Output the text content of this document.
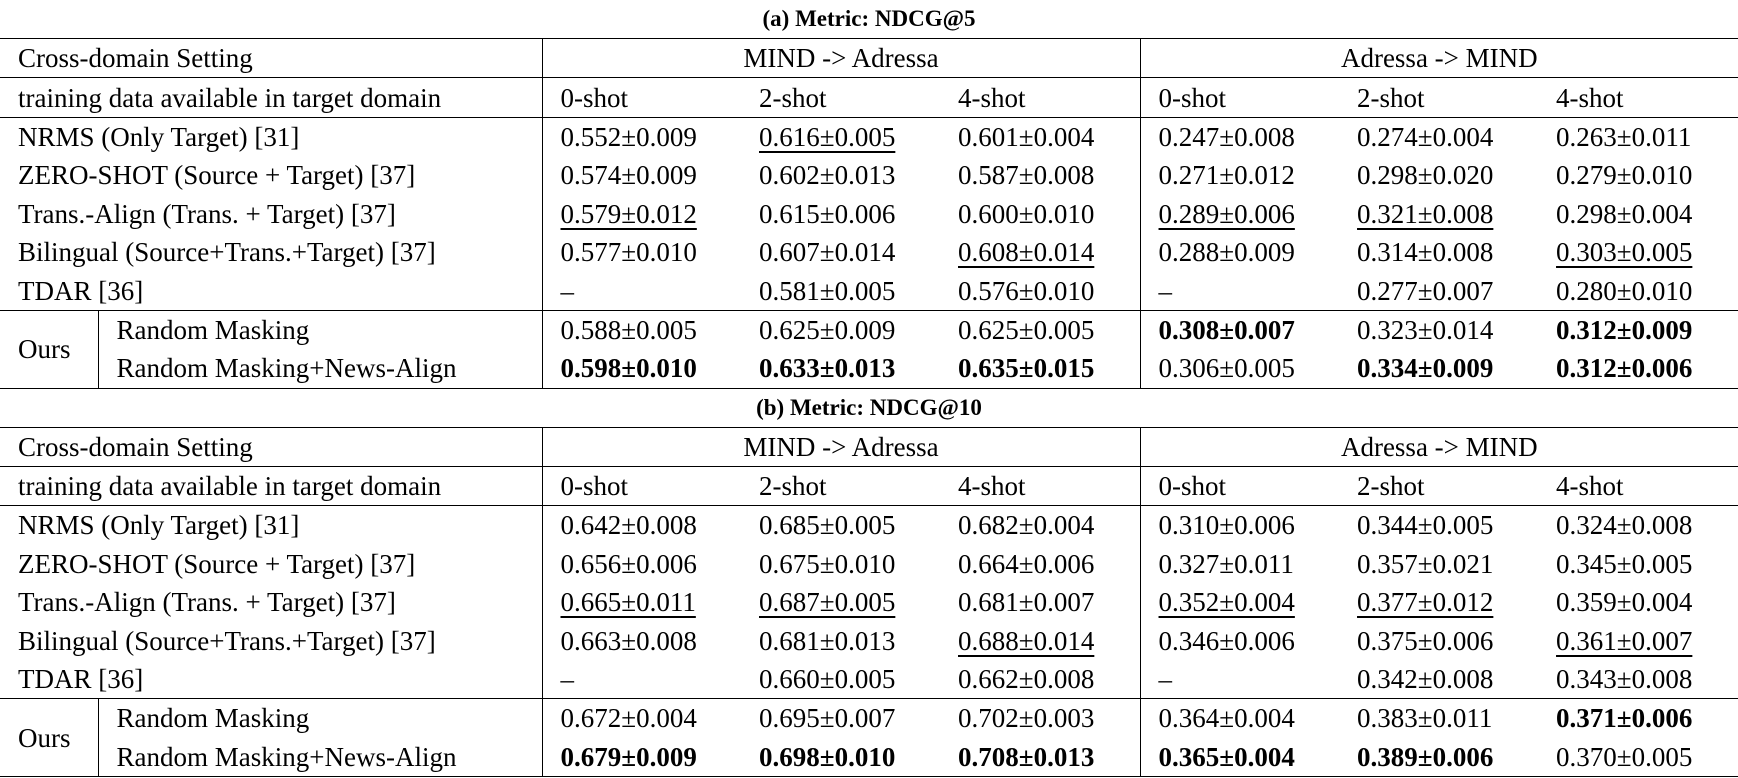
(a) Metric: NDCG@5
Cross-domain Setting		MIND -> Adressa			Adressa -> MIND		
training data available in target domain		0-shot	2-shot	4-shot	0-shot	2-shot	4-shot
NRMS (Only Target) [31]		0.552±0.009	0.616±0.005	0.601±0.004	0.247±0.008	0.274±0.004	0.263±0.011
ZERO-SHOT (Source + Target) [37]		0.574±0.009	0.602±0.013	0.587±0.008	0.271±0.012	0.298±0.020	0.279±0.010
Trans.-Align (Trans. + Target) [37]		0.579±0.012	0.615±0.006	0.600±0.010	0.289±0.006	0.321±0.008	0.298±0.004
Bilingual (Source+Trans.+Target) [37]		0.577±0.010	0.607±0.014	0.608±0.014	0.288±0.009	0.314±0.008	0.303±0.005
TDAR [36]		–	0.581±0.005	0.576±0.010	–	0.277±0.007	0.280±0.010
Ours	Random Masking	0.588±0.005	0.625±0.009	0.625±0.005	0.308±0.007	0.323±0.014	0.312±0.009
	Random Masking+News-Align	0.598±0.010	0.633±0.013	0.635±0.015	0.306±0.005	0.334±0.009	0.312±0.006
(b) Metric: NDCG@10
Cross-domain Setting		MIND -> Adressa			Adressa -> MIND		
training data available in target domain		0-shot	2-shot	4-shot	0-shot	2-shot	4-shot
NRMS (Only Target) [31]		0.642±0.008	0.685±0.005	0.682±0.004	0.310±0.006	0.344±0.005	0.324±0.008
ZERO-SHOT (Source + Target) [37]		0.656±0.006	0.675±0.010	0.664±0.006	0.327±0.011	0.357±0.021	0.345±0.005
Trans.-Align (Trans. + Target) [37]		0.665±0.011	0.687±0.005	0.681±0.007	0.352±0.004	0.377±0.012	0.359±0.004
Bilingual (Source+Trans.+Target) [37]		0.663±0.008	0.681±0.013	0.688±0.014	0.346±0.006	0.375±0.006	0.361±0.007
TDAR [36]		–	0.660±0.005	0.662±0.008	–	0.342±0.008	0.343±0.008
Ours	Random Masking	0.672±0.004	0.695±0.007	0.702±0.003	0.364±0.004	0.383±0.011	0.371±0.006
	Random Masking+News-Align	0.679±0.009	0.698±0.010	0.708±0.013	0.365±0.004	0.389±0.006	0.370±0.005
